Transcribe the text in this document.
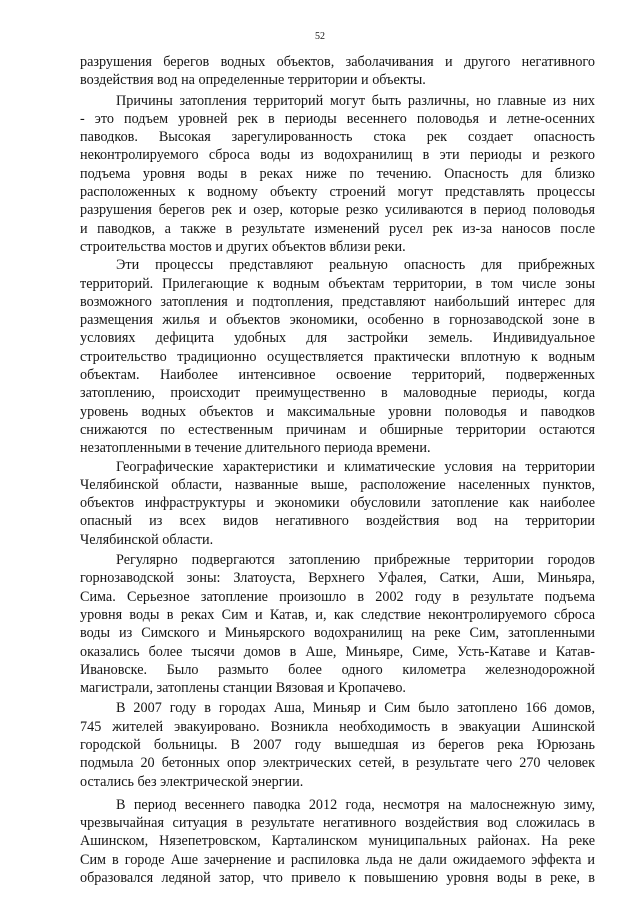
52
разрушения берегов водных объектов, заболачивания и другого негативного
воздействия вод на определенные территории и объекты.
Причины затопления территорий могут быть различны, но главные из них
- это подъем уровней рек в периоды весеннего половодья и летне-осенних
паводков. Высокая зарегулированность стока рек создает опасность
неконтролируемого сброса воды из водохранилищ в эти периоды и резкого
подъема уровня воды в реках ниже по течению. Опасность для близко
расположенных к водному объекту строений могут представлять процессы
разрушения берегов рек и озер, которые резко усиливаются в период половодья
и паводков, а также в результате изменений русел рек из-за наносов после
строительства мостов и других объектов вблизи реки.
Эти процессы представляют реальную опасность для прибрежных
территорий. Прилегающие к водным объектам территории, в том числе зоны
возможного затопления и подтопления, представляют наибольший интерес для
размещения жилья и объектов экономики, особенно в горнозаводской зоне в
условиях дефицита удобных для застройки земель. Индивидуальное
строительство традиционно осуществляется практически вплотную к водным
объектам. Наиболее интенсивное освоение территорий, подверженных
затоплению, происходит преимущественно в маловодные периоды, когда
уровень водных объектов и максимальные уровни половодья и паводков
снижаются по естественным причинам и обширные территории остаются
незатопленными в течение длительного периода времени.
Географические характеристики и климатические условия на территории
Челябинской области, названные выше, расположение населенных пунктов,
объектов инфраструктуры и экономики обусловили затопление как наиболее
опасный из всех видов негативного воздействия вод на территории
Челябинской области.
Регулярно подвергаются затоплению прибрежные территории городов
горнозаводской зоны: Златоуста, Верхнего Уфалея, Сатки, Аши, Миньяра,
Сима. Серьезное затопление произошло в 2002 году в результате подъема
уровня воды в реках Сим и Катав, и, как следствие неконтролируемого сброса
воды из Симского и Миньярского водохранилищ на реке Сим, затопленными
оказались более тысячи домов в Аше, Миньяре, Симе, Усть-Катаве и Катав-
Ивановске. Было размыто более одного километра железнодорожной
магистрали, затоплены станции Вязовая и Кропачево.
В 2007 году в городах Аша, Миньяр и Сим было затоплено 166 домов,
745 жителей эвакуировано. Возникла необходимость в эвакуации Ашинской
городской больницы. В 2007 году вышедшая из берегов река Юрюзань
подмыла 20 бетонных опор электрических сетей, в результате чего 270 человек
остались без электрической энергии.
В период весеннего паводка 2012 года, несмотря на малоснежную зиму,
чрезвычайная ситуация в результате негативного воздействия вод сложилась в
Ашинском, Нязепетровском, Карталинском муниципальных районах. На реке
Сим в городе Аше зачернение и распиловка льда не дали ожидаемого эффекта и
образовался ледяной затор, что привело к повышению уровня воды в реке, в
